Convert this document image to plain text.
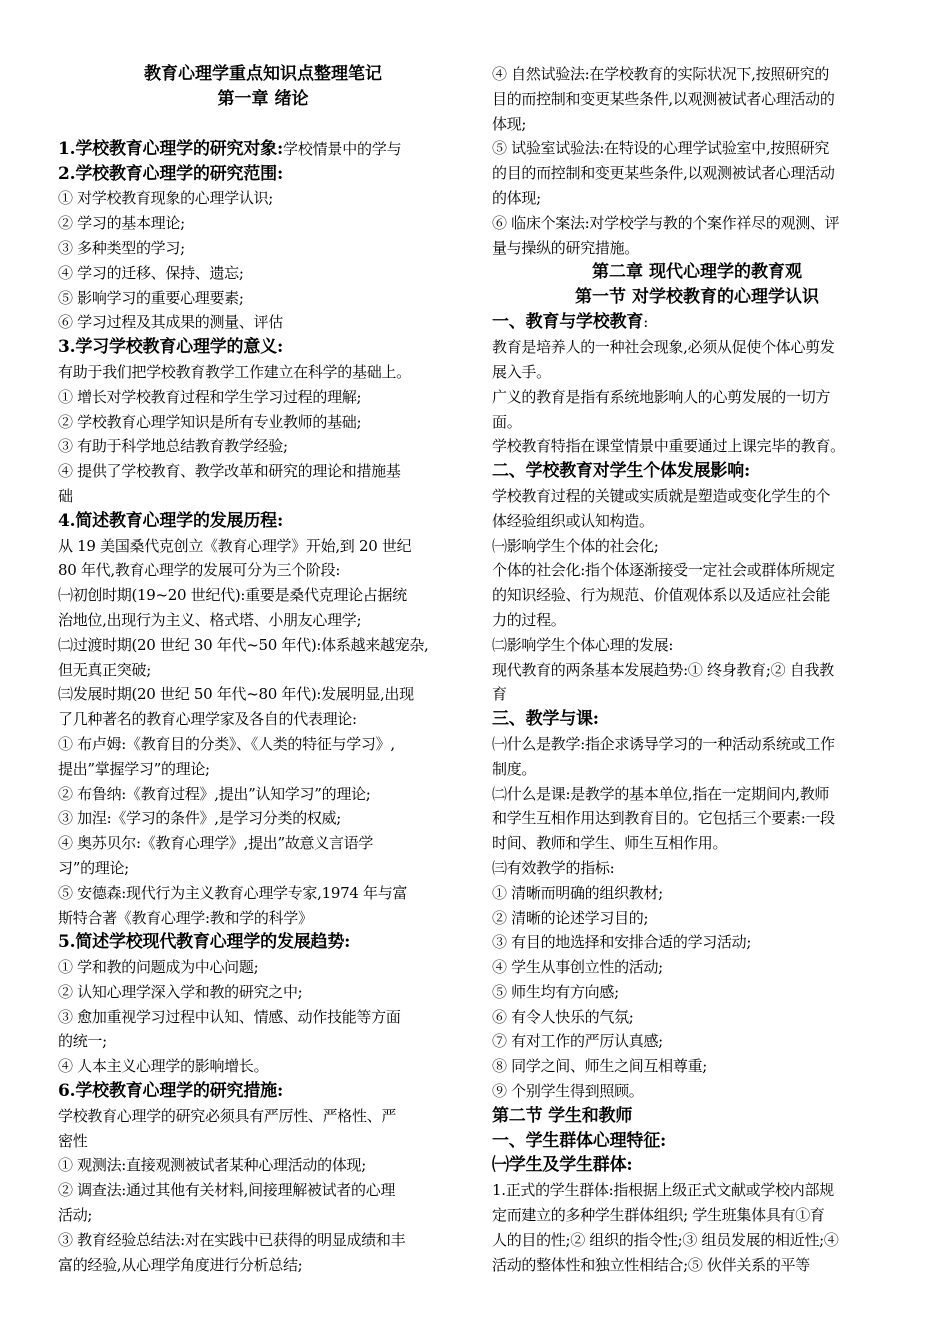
教育心理学重点知识点整理笔记
第一章 绪论
1.学校教育心理学的研究对象:学校情景中的学与
2.学校教育心理学的研究范围:
① 对学校教育现象的心理学认识;
② 学习的基本理论;
③ 多种类型的学习;
④ 学习的迁移、保持、遗忘;
⑤ 影响学习的重要心理要素;
⑥ 学习过程及其成果的测量、评估
3.学习学校教育心理学的意义:
有助于我们把学校教育教学工作建立在科学的基础上。
① 增长对学校教育过程和学生学习过程的理解;
② 学校教育心理学知识是所有专业教师的基础;
③ 有助于科学地总结教育教学经验;
④ 提供了学校教育、教学改革和研究的理论和措施基
础
4.简述教育心理学的发展历程:
从 19 美国桑代克创立《教育心理学》开始,到 20 世纪
80 年代,教育心理学的发展可分为三个阶段:
㈠初创时期(19~20 世纪代):重要是桑代克理论占据统
治地位,出现行为主义、格式塔、小朋友心理学;
㈡过渡时期(20 世纪 30 年代~50 年代):体系越来越宠杂,
但无真正突破;
㈢发展时期(20 世纪 50 年代~80 年代):发展明显,出现
了几种著名的教育心理学家及各自的代表理论:
① 布卢姆:《教育目的分类》、《人类的特征与学习》,
提出”掌握学习”的理论;
② 布鲁纳:《教育过程》,提出”认知学习”的理论;
③ 加涅:《学习的条件》,是学习分类的权威;
④ 奥苏贝尔:《教育心理学》,提出”故意义言语学
习”的理论;
⑤ 安德森:现代行为主义教育心理学专家,1974 年与富
斯特合著《教育心理学:教和学的科学》
5.简述学校现代教育心理学的发展趋势:
① 学和教的问题成为中心问题;
② 认知心理学深入学和教的研究之中;
③ 愈加重视学习过程中认知、情感、动作技能等方面
的统一;
④ 人本主义心理学的影响增长。
6.学校教育心理学的研究措施:
学校教育心理学的研究必须具有严厉性、严格性、严
密性
① 观测法:直接观测被试者某种心理活动的体现;
② 调查法:通过其他有关材料,间接理解被试者的心理
活动;
③ 教育经验总结法:对在实践中已获得的明显成绩和丰
富的经验,从心理学角度进行分析总结;
④ 自然试验法:在学校教育的实际状况下,按照研究的
目的而控制和变更某些条件,以观测被试者心理活动的
体现;
⑤ 试验室试验法:在特设的心理学试验室中,按照研究
的目的而控制和变更某些条件,以观测被试者心理活动
的体现;
⑥ 临床个案法:对学校学与教的个案作祥尽的观测、评
量与操纵的研究措施。
第二章 现代心理学的教育观
第一节 对学校教育的心理学认识
一、教育与学校教育:
教育是培养人的一种社会现象,必须从促使个体心剪发
展入手。
广义的教育是指有系统地影响人的心剪发展的一切方
面。
学校教育特指在课堂情景中重要通过上课完毕的教育。
二、学校教育对学生个体发展影响:
学校教育过程的关键或实质就是塑造或变化学生的个
体经验组织或认知构造。
㈠影响学生个体的社会化;
个体的社会化:指个体逐渐接受一定社会或群体所规定
的知识经验、行为规范、价值观体系以及适应社会能
力的过程。
㈡影响学生个体心理的发展:
现代教育的两条基本发展趋势:① 终身教育;② 自我教
育
三、教学与课:
㈠什么是教学:指企求诱导学习的一种活动系统或工作
制度。
㈡什么是课:是教学的基本单位,指在一定期间内,教师
和学生互相作用达到教育目的。它包括三个要素:一段
时间、教师和学生、师生互相作用。
㈢有效教学的指标:
① 清晰而明确的组织教材;
② 清晰的论述学习目的;
③ 有目的地选择和安排合适的学习活动;
④ 学生从事创立性的活动;
⑤ 师生均有方向感;
⑥ 有令人快乐的气氛;
⑦ 有对工作的严厉认真感;
⑧ 同学之间、师生之间互相尊重;
⑨ 个别学生得到照顾。
第二节 学生和教师
一、学生群体心理特征:
㈠学生及学生群体:
1.正式的学生群体:指根据上级正式文献或学校内部规
定而建立的多种学生群体组织; 学生班集体具有①育
人的目的性;② 组织的指令性;③ 组员发展的相近性;④
活动的整体性和独立性相结合;⑤ 伙伴关系的平等
